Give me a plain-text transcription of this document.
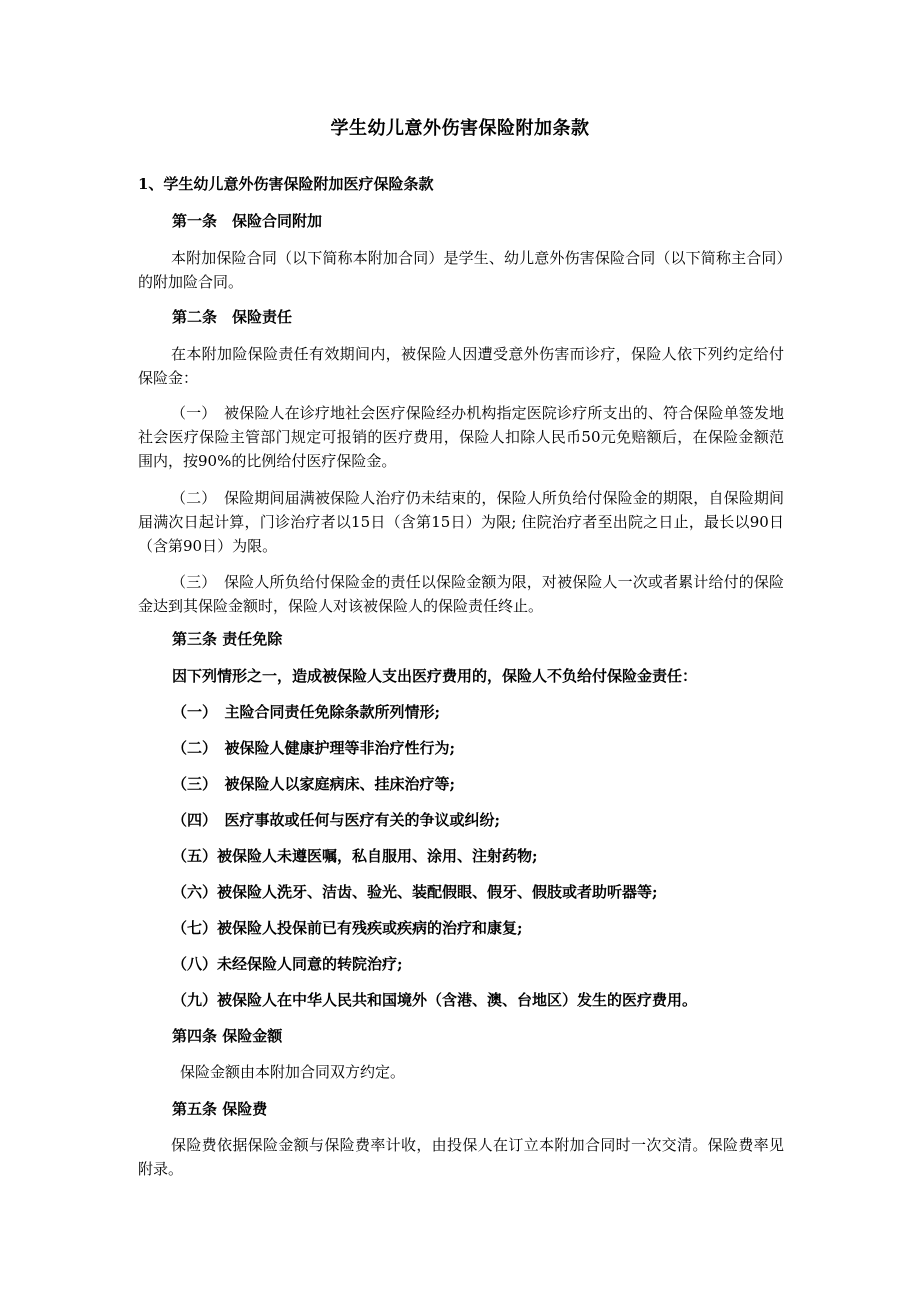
学生幼儿意外伤害保险附加条款

1、学生幼儿意外伤害保险附加医疗保险条款

第一条　保险合同附加

本附加保险合同（以下简称本附加合同）是学生、幼儿意外伤害保险合同（以下简称主合同）的附加险合同。

第二条　保险责任

在本附加险保险责任有效期间内，被保险人因遭受意外伤害而诊疗，保险人依下列约定给付保险金：

（一）　被保险人在诊疗地社会医疗保险经办机构指定医院诊疗所支出的、符合保险单签发地社会医疗保险主管部门规定可报销的医疗费用，保险人扣除人民币50元免赔额后，在保险金额范围内，按90%的比例给付医疗保险金。

（二）　保险期间届满被保险人治疗仍未结束的，保险人所负给付保险金的期限，自保险期间届满次日起计算，门诊治疗者以15日（含第15日）为限; 住院治疗者至出院之日止，最长以90日（含第90日）为限。

（三）　保险人所负给付保险金的责任以保险金额为限，对被保险人一次或者累计给付的保险金达到其保险金额时，保险人对该被保险人的保险责任终止。

第三条 责任免除

因下列情形之一，造成被保险人支出医疗费用的，保险人不负给付保险金责任：

（一）　主险合同责任免除条款所列情形;

（二）　被保险人健康护理等非治疗性行为;

（三）　被保险人以家庭病床、挂床治疗等;

（四）　医疗事故或任何与医疗有关的争议或纠纷;

（五）被保险人未遵医嘱，私自服用、涂用、注射药物;

（六）被保险人洗牙、洁齿、验光、装配假眼、假牙、假肢或者助听器等;

（七）被保险人投保前已有残疾或疾病的治疗和康复;

（八）未经保险人同意的转院治疗;

（九）被保险人在中华人民共和国境外（含港、澳、台地区）发生的医疗费用。

第四条 保险金额

保险金额由本附加合同双方约定。

第五条 保险费

保险费依据保险金额与保险费率计收，由投保人在订立本附加合同时一次交清。保险费率见附录。
